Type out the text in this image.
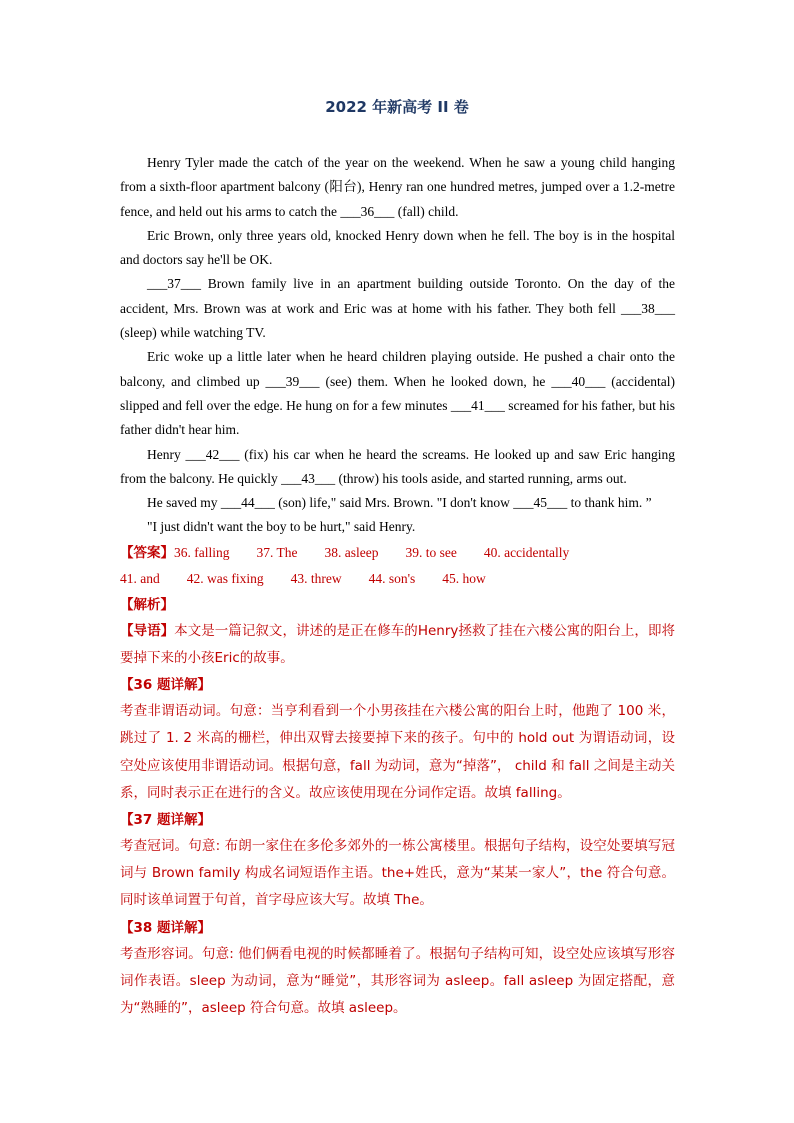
2022 年新高考 II 卷

Henry Tyler made the catch of the year on the weekend. When he saw a young child hanging from a sixth-floor apartment balcony (阳台), Henry ran one hundred metres, jumped over a 1.2-metre fence, and held out his arms to catch the ___36___ (fall) child.

Eric Brown, only three years old, knocked Henry down when he fell. The boy is in the hospital and doctors say he'll be OK.

___37___ Brown family live in an apartment building outside Toronto. On the day of the accident, Mrs. Brown was at work and Eric was at home with his father. They both fell ___38___ (sleep) while watching TV.

Eric woke up a little later when he heard children playing outside. He pushed a chair onto the balcony, and climbed up ___39___ (see) them. When he looked down, he ___40___ (accidental) slipped and fell over the edge. He hung on for a few minutes ___41___ screamed for his father, but his father didn't hear him.

Henry ___42___ (fix) his car when he heard the screams. He looked up and saw Eric hanging from the balcony. He quickly ___43___ (throw) his tools aside, and started running, arms out.

He saved my ___44___ (son) life," said Mrs. Brown. "I don't know ___45___ to thank him. ”

"I just didn't want the boy to be hurt," said Henry.

【答案】36. falling        37. The        38. asleep        39. to see        40. accidentally

41. and        42. was fixing        43. threw        44. son's        45. how

【解析】

【导语】本文是一篇记叙文，讲述的是正在修车的Henry拯救了挂在六楼公寓的阳台上，即将要掉下来的小孩Eric的故事。

【36 题详解】

考查非谓语动词。句意：当亨利看到一个小男孩挂在六楼公寓的阳台上时，他跑了 100 米，跳过了 1. 2 米高的栅栏，伸出双臂去接要掉下来的孩子。句中的 hold out 为谓语动词，设空处应该使用非谓语动词。根据句意，fall 为动词，意为“掉落”， child 和 fall 之间是主动关系，同时表示正在进行的含义。故应该使用现在分词作定语。故填 falling。

【37 题详解】

考查冠词。句意: 布朗一家住在多伦多郊外的一栋公寓楼里。根据句子结构，设空处要填写冠词与 Brown family 构成名词短语作主语。the+姓氏，意为“某某一家人”，the 符合句意。同时该单词置于句首，首字母应该大写。故填 The。

【38 题详解】

考查形容词。句意: 他们俩看电视的时候都睡着了。根据句子结构可知，设空处应该填写形容词作表语。sleep 为动词，意为“睡觉”，其形容词为 asleep。fall asleep 为固定搭配，意为“熟睡的”，asleep 符合句意。故填 asleep。
